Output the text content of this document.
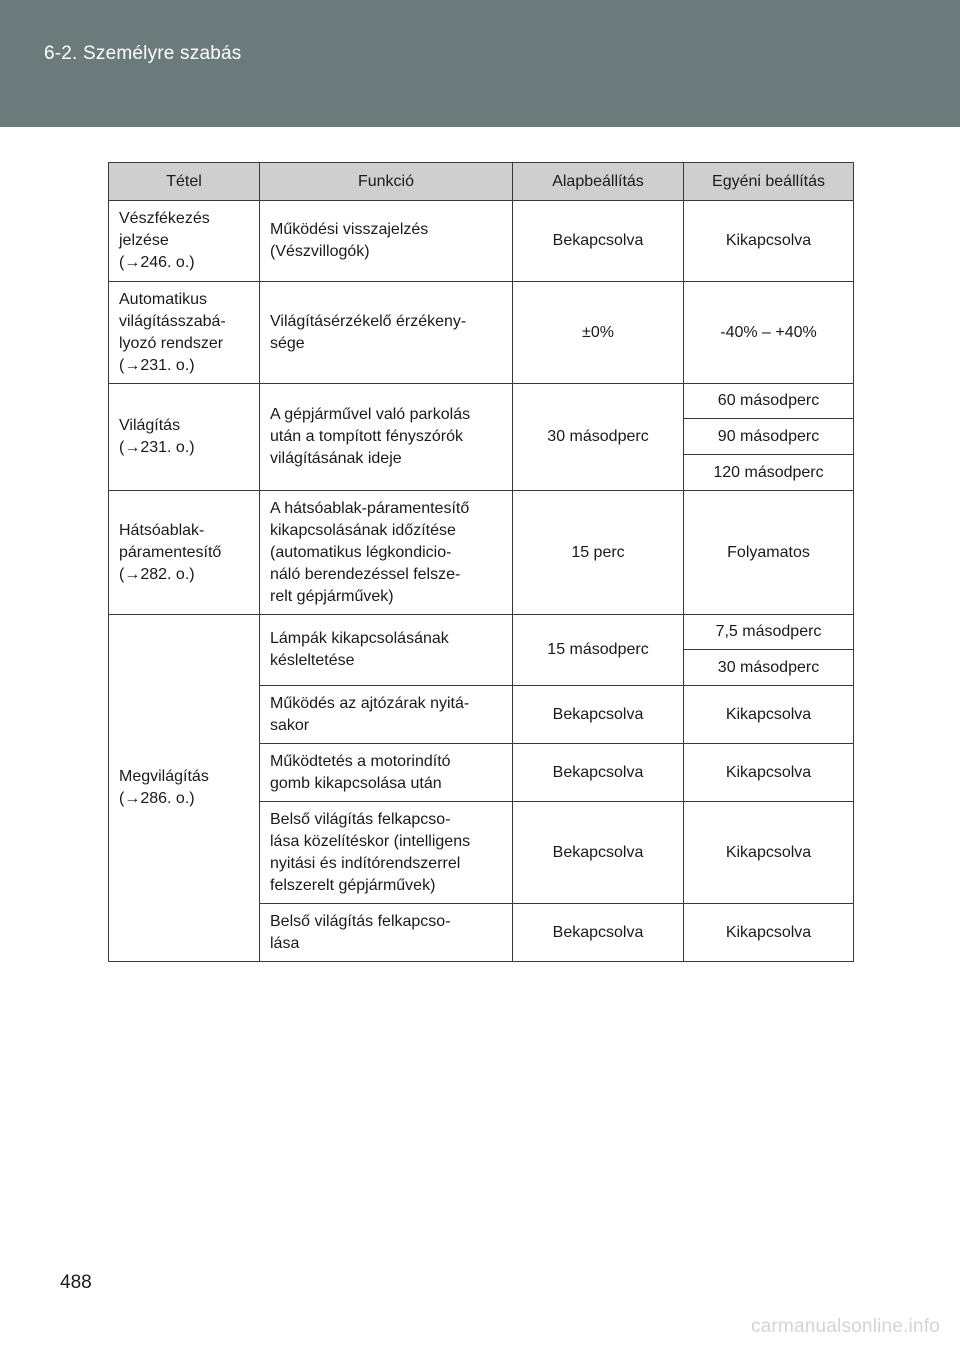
6-2. Személyre szabás
Tétel	Funkció	Alapbeállítás	Egyéni beállítás

Vészfékezés
jelzése
(→246. o.)	Működési visszajelzés
(Vészvillogók)	Bekapcsolva	Kikapcsolva

Automatikus
világításszabá-
lyozó rendszer
(→231. o.)	Világításérzékelő érzékeny-
sége	±0%	-40% – +40%

Világítás
(→231. o.)	A gépjárművel való parkolás
után a tompított fényszórók
világításának ideje	30 másodperc	60 másodperc
			90 másodperc
			120 másodperc

Hátsóablak-
páramentesítő
(→282. o.)	A hátsóablak-páramentesítő
kikapcsolásának időzítése
(automatikus légkondicio-
náló berendezéssel felsze-
relt gépjárművek)	15 perc	Folyamatos

Megvilágítás
(→286. o.)	Lámpák kikapcsolásának
késleltetése	15 másodperc	7,5 másodperc
			30 másodperc

	Működés az ajtózárak nyitá-
sakor	Bekapcsolva	Kikapcsolva

	Működtetés a motorindító
gomb kikapcsolása után	Bekapcsolva	Kikapcsolva

	Belső világítás felkapcso-
lása közelítéskor (intelligens
nyitási és indítórendszerrel
felszerelt gépjárművek)	Bekapcsolva	Kikapcsolva

	Belső világítás felkapcso-
lása	Bekapcsolva	Kikapcsolva
488
carmanualsonline.info
